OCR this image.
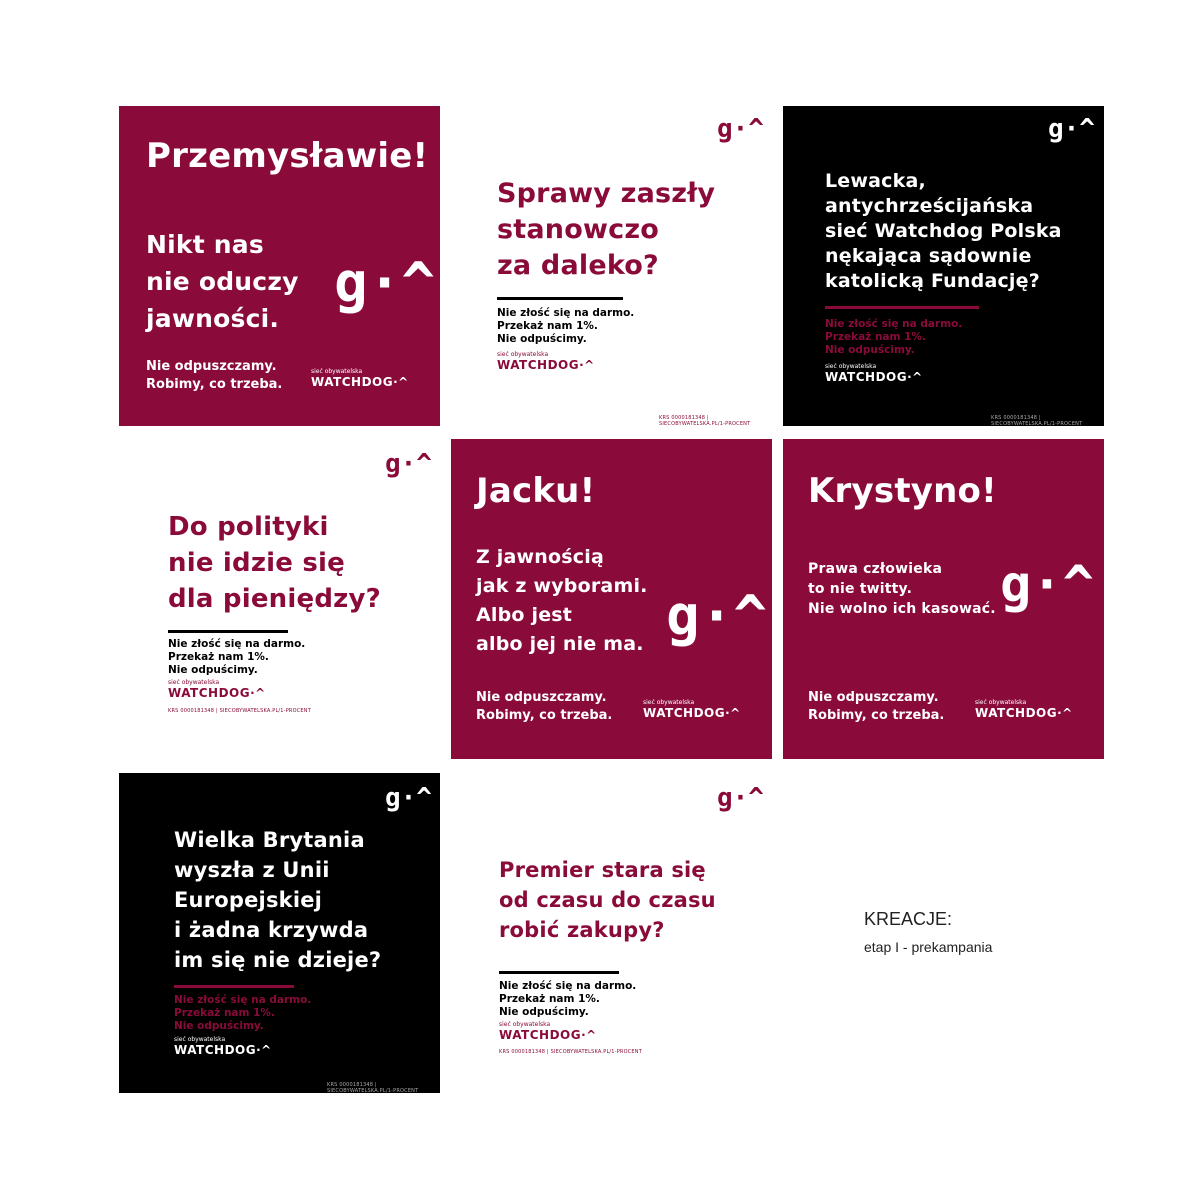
Przemysławie!
Nikt nas
nie oduczy
jawności.
g·^
Nie odpuszczamy.
Robimy, co trzeba.
sieć obywatelska
WATCHDOG·^
g·^
Sprawy zaszły
stanowczo
za daleko?
Nie złość się na darmo.
Przekaż nam 1%.
Nie odpuścimy.
sieć obywatelska
WATCHDOG·^
KRS 0000181348 | SIECOBYWATELSKA.PL/1-PROCENT
g·^
Lewacka,
antychrześcijańska
sieć Watchdog Polska
nękająca sądownie
katolicką Fundację?
Nie złość się na darmo.
Przekaż nam 1%.
Nie odpuścimy.
sieć obywatelska
WATCHDOG·^
KRS 0000181348 | SIECOBYWATELSKA.PL/1-PROCENT
g·^
Do polityki
nie idzie się
dla pieniędzy?
Nie złość się na darmo.
Przekaż nam 1%.
Nie odpuścimy.
sieć obywatelska
WATCHDOG·^
KRS 0000181348 | SIECOBYWATELSKA.PL/1-PROCENT
Jacku!
Z jawnością
jak z wyborami.
Albo jest
albo jej nie ma. g·^
Nie odpuszczamy.
Robimy, co trzeba.
sieć obywatelska
WATCHDOG·^
Krystyno!
Prawa człowieka
to nie twitty.
Nie wolno ich kasować. g·^
Nie odpuszczamy.
Robimy, co trzeba.
sieć obywatelska
WATCHDOG·^
g·^
Wielka Brytania
wyszła z Unii
Europejskiej
i żadna krzywda
im się nie dzieje?
Nie złość się na darmo.
Przekaż nam 1%.
Nie odpuścimy.
sieć obywatelska
WATCHDOG·^
KRS 0000181348 | SIECOBYWATELSKA.PL/1-PROCENT
g·^
Premier stara się
od czasu do czasu
robić zakupy?
Nie złość się na darmo.
Przekaż nam 1%.
Nie odpuścimy.
sieć obywatelska
WATCHDOG·^
KRS 0000181348 | SIECOBYWATELSKA.PL/1-PROCENT
KREACJE:
etap I - prekampania
